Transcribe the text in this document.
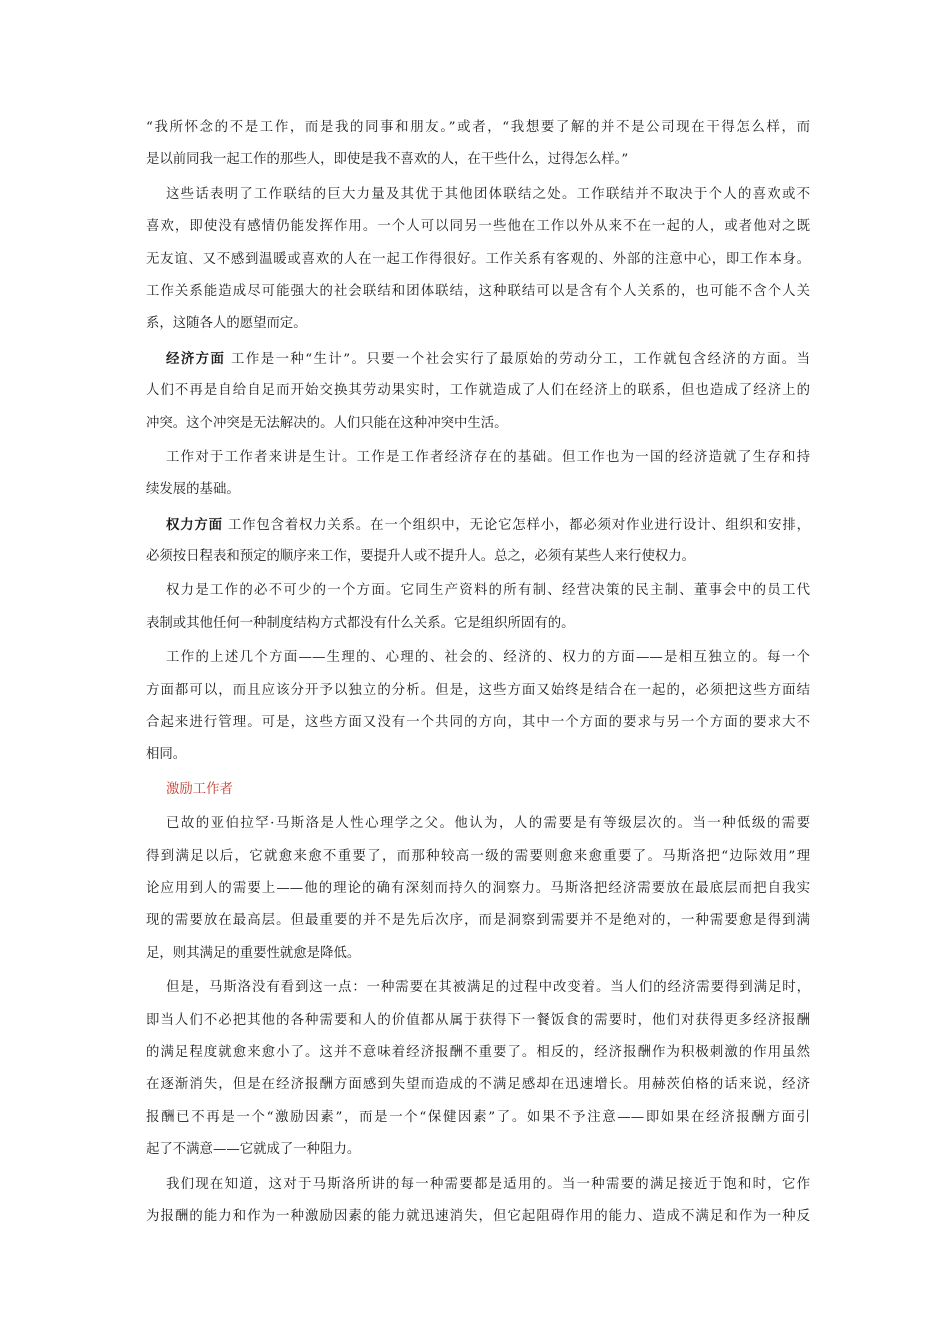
“我所怀念的不是工作，而是我的同事和朋友。”或者，“我想要了解的并不是公司现在干得怎么样，而
是以前同我一起工作的那些人，即使是我不喜欢的人，在干些什么，过得怎么样。”
这些话表明了工作联结的巨大力量及其优于其他团体联结之处。工作联结并不取决于个人的喜欢或不
喜欢，即使没有感情仍能发挥作用。一个人可以同另一些他在工作以外从来不在一起的人，或者他对之既
无友谊、又不感到温暖或喜欢的人在一起工作得很好。工作关系有客观的、外部的注意中心，即工作本身。
工作关系能造成尽可能强大的社会联结和团体联结，这种联结可以是含有个人关系的，也可能不含个人关
系，这随各人的愿望而定。
经济方面 工作是一种“生计”。只要一个社会实行了最原始的劳动分工，工作就包含经济的方面。当
人们不再是自给自足而开始交换其劳动果实时，工作就造成了人们在经济上的联系，但也造成了经济上的
冲突。这个冲突是无法解决的。人们只能在这种冲突中生活。
工作对于工作者来讲是生计。工作是工作者经济存在的基础。但工作也为一国的经济造就了生存和持
续发展的基础。
权力方面 工作包含着权力关系。在一个组织中，无论它怎样小，都必须对作业进行设计、组织和安排，
必须按日程表和预定的顺序来工作，要提升人或不提升人。总之，必须有某些人来行使权力。
权力是工作的必不可少的一个方面。它同生产资料的所有制、经营决策的民主制、董事会中的员工代
表制或其他任何一种制度结构方式都没有什么关系。它是组织所固有的。
工作的上述几个方面——生理的、心理的、社会的、经济的、权力的方面——是相互独立的。每一个
方面都可以，而且应该分开予以独立的分析。但是，这些方面又始终是结合在一起的，必须把这些方面结
合起来进行管理。可是，这些方面又没有一个共同的方向，其中一个方面的要求与另一个方面的要求大不
相同。
激励工作者
已故的亚伯拉罕·马斯洛是人性心理学之父。他认为，人的需要是有等级层次的。当一种低级的需要
得到满足以后，它就愈来愈不重要了，而那种较高一级的需要则愈来愈重要了。马斯洛把“边际效用”理
论应用到人的需要上——他的理论的确有深刻而持久的洞察力。马斯洛把经济需要放在最底层而把自我实
现的需要放在最高层。但最重要的并不是先后次序，而是洞察到需要并不是绝对的，一种需要愈是得到满
足，则其满足的重要性就愈是降低。
但是，马斯洛没有看到这一点：一种需要在其被满足的过程中改变着。当人们的经济需要得到满足时，
即当人们不必把其他的各种需要和人的价值都从属于获得下一餐饭食的需要时，他们对获得更多经济报酬
的满足程度就愈来愈小了。这并不意味着经济报酬不重要了。相反的，经济报酬作为积极刺激的作用虽然
在逐渐消失，但是在经济报酬方面感到失望而造成的不满足感却在迅速增长。用赫茨伯格的话来说，经济
报酬已不再是一个“激励因素”，而是一个“保健因素”了。如果不予注意——即如果在经济报酬方面引
起了不满意——它就成了一种阻力。
我们现在知道，这对于马斯洛所讲的每一种需要都是适用的。当一种需要的满足接近于饱和时，它作
为报酬的能力和作为一种激励因素的能力就迅速消失，但它起阻碍作用的能力、造成不满足和作为一种反
